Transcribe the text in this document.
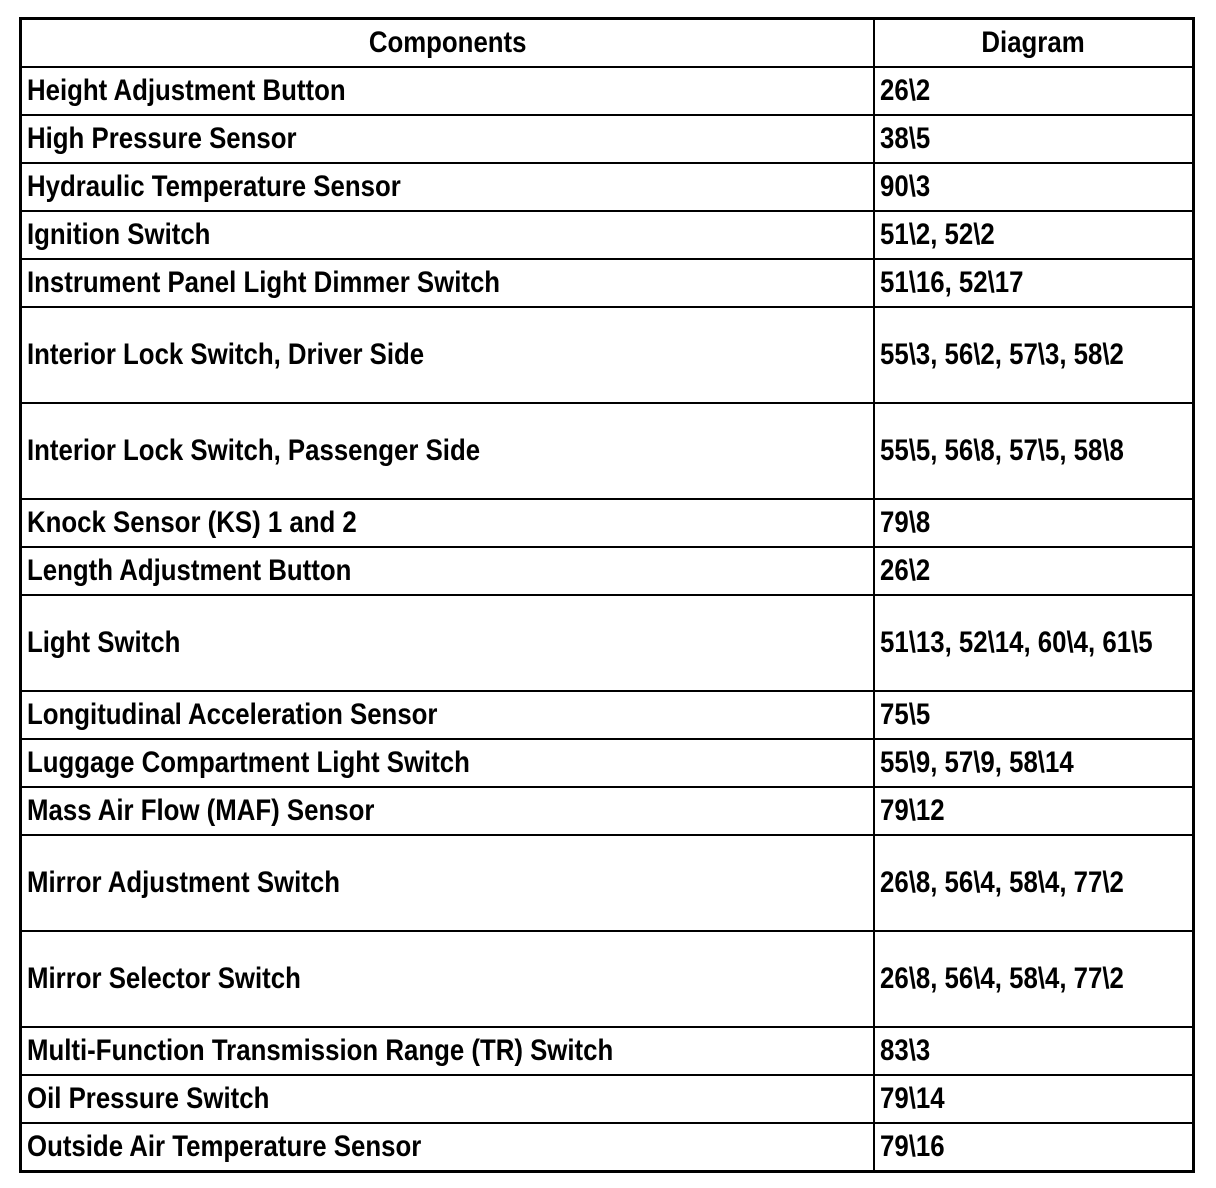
Components	Diagram
Height Adjustment Button	26\2

High Pressure Sensor	38\5

Hydraulic Temperature Sensor	90\3

Ignition Switch	51\2, 52\2

Instrument Panel Light Dimmer Switch	51\16, 52\17

Interior Lock Switch, Driver Side	55\3, 56\2, 57\3, 58\2

Interior Lock Switch, Passenger Side	55\5, 56\8, 57\5, 58\8

Knock Sensor (KS) 1 and 2	79\8

Length Adjustment Button	26\2

Light Switch	51\13, 52\14, 60\4, 61\5

Longitudinal Acceleration Sensor	75\5

Luggage Compartment Light Switch	55\9, 57\9, 58\14

Mass Air Flow (MAF) Sensor	79\12

Mirror Adjustment Switch	26\8, 56\4, 58\4, 77\2

Mirror Selector Switch	26\8, 56\4, 58\4, 77\2

Multi-Function Transmission Range (TR) Switch	83\3

Oil Pressure Switch	79\14

Outside Air Temperature Sensor	79\16
